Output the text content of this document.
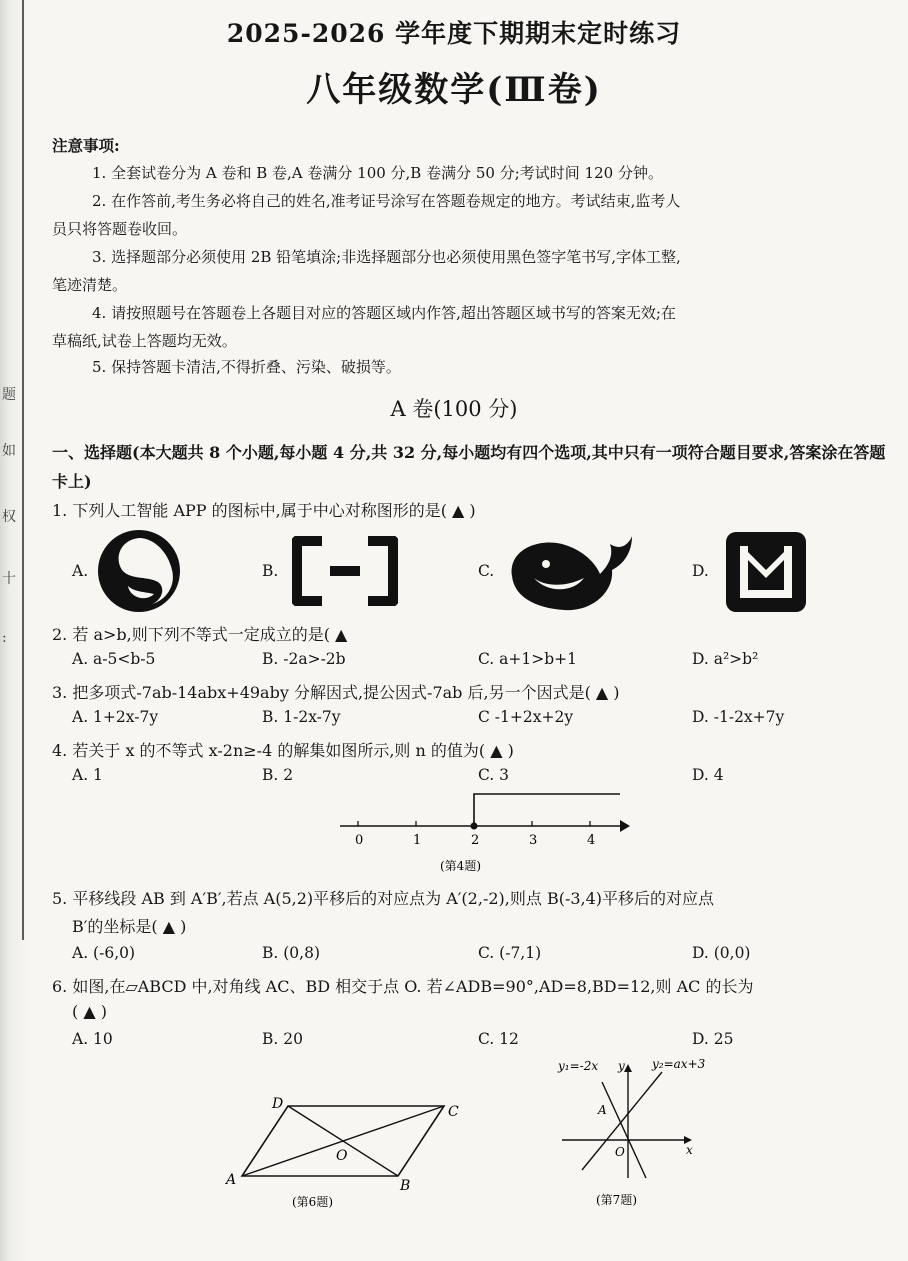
题
如
权
十
:
2025-2026 学年度下期期末定时练习
八年级数学(Ⅲ卷)
注意事项:
1. 全套试卷分为 A 卷和 B 卷,A 卷满分 100 分,B 卷满分 50 分;考试时间 120 分钟。
2. 在作答前,考生务必将自己的姓名,准考证号涂写在答题卷规定的地方。考试结束,监考人
员只将答题卷收回。
3. 选择题部分必须使用 2B 铅笔填涂;非选择题部分也必须使用黑色签字笔书写,字体工整,
笔迹清楚。
4. 请按照题号在答题卷上各题目对应的答题区域内作答,超出答题区域书写的答案无效;在
草稿纸,试卷上答题均无效。
5. 保持答题卡清洁,不得折叠、污染、破损等。
A 卷(100 分)
一、选择题(本大题共 8 个小题,每小题 4 分,共 32 分,每小题均有四个选项,其中只有一项符合题目要求,答案涂在答题卡上)
1. 下列人工智能 APP 的图标中,属于中心对称图形的是( ▲ )
A.	B.	C.	D.
2. 若 a>b,则下列不等式一定成立的是( ▲
A. a-5<b-5	B. -2a>-2b	C. a+1>b+1	D. a²>b²
3. 把多项式-7ab-14abx+49aby 分解因式,提公因式-7ab 后,另一个因式是( ▲ )
A. 1+2x-7y	B. 1-2x-7y	C -1+2x+2y	D. -1-2x+7y
4. 若关于 x 的不等式 x-2n≥-4 的解集如图所示,则 n 的值为( ▲ )
A. 1	B. 2	C. 3	D. 4
0	1	2	3	4
(第4题)
5. 平移线段 AB 到 A′B′,若点 A(5,2)平移后的对应点为 A′(2,-2),则点 B(-3,4)平移后的对应点
B′的坐标是( ▲ )
A. (-6,0)	B. (0,8)	C. (-7,1)	D. (0,0)
6. 如图,在▱ABCD 中,对角线 AC、BD 相交于点 O. 若∠ADB=90°,AD=8,BD=12,则 AC 的长为
( ▲ )
A. 10	B. 20	C. 12	D. 25
D	C
A	B
O
(第6题)
y₁=-2x	y₂=ax+3
y
x
A
O
(第7题)
